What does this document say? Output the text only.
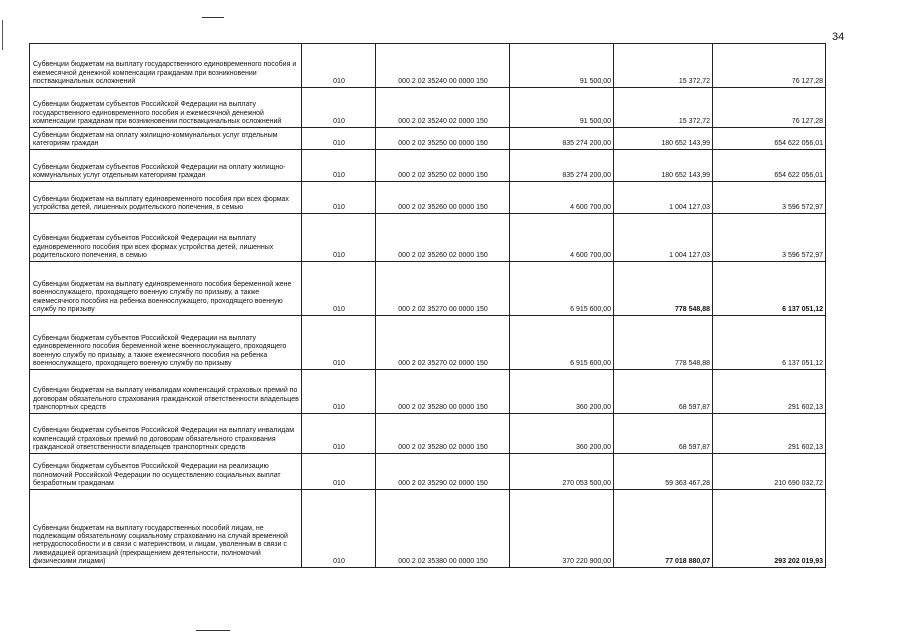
34
Субвенции бюджетам на выплату государственного единовременного пособия и ежемесячной денежной компенсации гражданам при возникновении поствакцинальных осложнений	010	000 2 02 35240 00 0000 150	91 500,00	15 372,72	76 127,28
Субвенции бюджетам субъектов Российской Федерации на выплату государственного единовременного пособия и ежемесячной денежной компенсации гражданам при возникновении поствакцинальных осложнений	010	000 2 02 35240 02 0000 150	91 500,00	15 372,72	76 127,28
Субвенции бюджетам на оплату жилищно-коммунальных услуг отдельным категориям граждан	010	000 2 02 35250 00 0000 150	835 274 200,00	180 652 143,99	654 622 056,01
Субвенции бюджетам субъектов Российской Федерации на оплату жилищно-коммунальных услуг отдельным категориям граждан	010	000 2 02 35250 02 0000 150	835 274 200,00	180 652 143,99	654 622 056,01
Субвенции бюджетам на выплату единовременного пособия при всех формах устройства детей, лишенных родительского попечения, в семью	010	000 2 02 35260 00 0000 150	4 600 700,00	1 004 127,03	3 596 572,97
Субвенции бюджетам субъектов Российской Федерации на выплату единовременного пособия при всех формах устройства детей, лишенных родительского попечения, в семью	010	000 2 02 35260 02 0000 150	4 600 700,00	1 004 127,03	3 596 572,97
Субвенции бюджетам на выплату единовременного пособия беременной жене военнослужащего, проходящего военную службу по призыву, а также ежемесячного пособия на ребенка военнослужащего, проходящего военную службу по призыву	010	000 2 02 35270 00 0000 150	6 915 600,00	778 548,88	6 137 051,12
Субвенции бюджетам субъектов Российской Федерации на выплату единовременного пособия беременной жене военнослужащего, проходящего военную службу по призыву, а также ежемесячного пособия на ребенка военнослужащего, проходящего военную службу по призыву	010	000 2 02 35270 02 0000 150	6 915 600,00	778 548,88	6 137 051,12
Субвенции бюджетам на выплату инвалидам компенсаций страховых премий по договорам обязательного страхования гражданской ответственности владельцев транспортных средств	010	000 2 02 35280 00 0000 150	360 200,00	68 597,87	291 602,13
Субвенции бюджетам субъектов Российской Федерации на выплату инвалидам компенсаций страховых премий по договорам обязательного страхования гражданской ответственности владельцев транспортных средств	010	000 2 02 35280 02 0000 150	360 200,00	68 597,87	291 602,13
Субвенции бюджетам субъектов Российской Федерации на реализацию полномочий Российской Федерации по осуществлению социальных выплат безработным гражданам	010	000 2 02 35290 02 0000 150	270 053 500,00	59 363 467,28	210 690 032,72
Субвенции бюджетам на выплату государственных пособий лицам, не подлежащим обязательному социальному страхованию на случай временной нетрудоспособности и в связи с материнством, и лицам, уволенным в связи с ликвидацией организаций (прекращением деятельности, полномочий физическими лицами)	010	000 2 02 35380 00 0000 150	370 220 900,00	77 018 880,07	293 202 019,93
